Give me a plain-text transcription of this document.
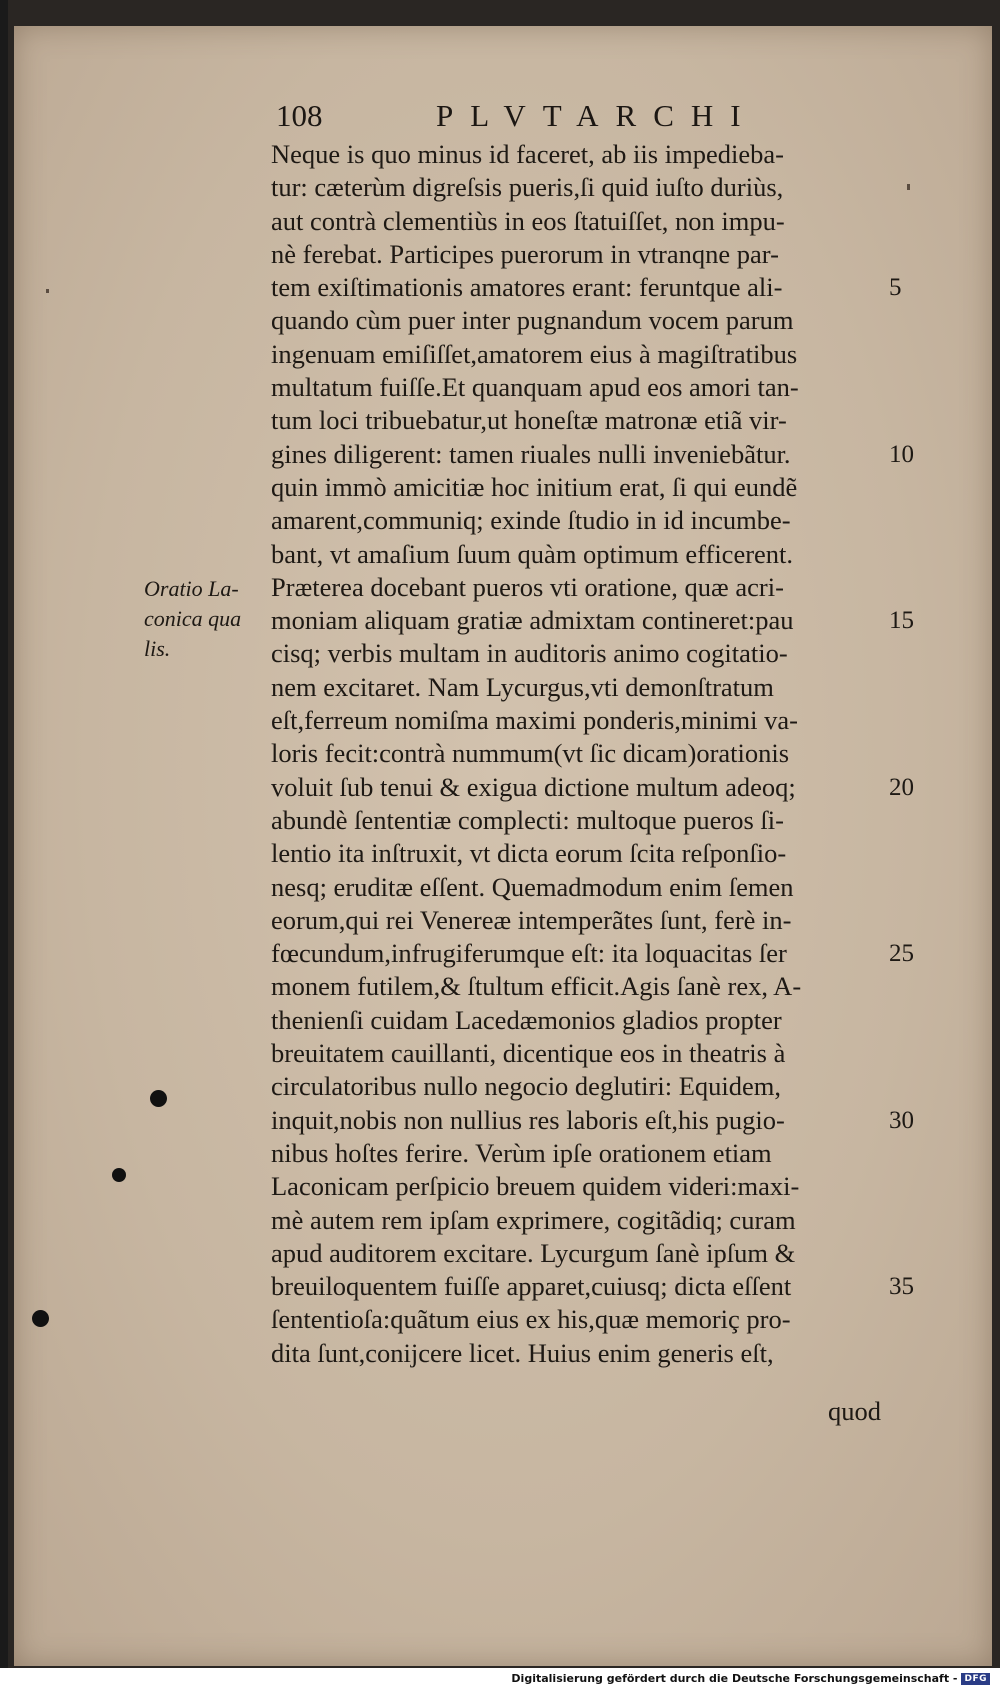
108	PLVTARCHI
Oratio La-
conica qua
lis.
Neque is quo minus id faceret, ab iis impedieba-
tur: cæterùm digreſsis pueris,ſi quid iuſto duriùs,
aut contrà clementiùs in eos ſtatuiſſet, non impu-
nè ferebat. Participes puerorum in vtranqne par-
tem exiſtimationis amatores erant: feruntque ali-	5
quando cùm puer inter pugnandum vocem parum
ingenuam emiſiſſet,amatorem eius à magiſtratibus
multatum fuiſſe.Et quanquam apud eos amori tan-
tum loci tribuebatur,ut honeſtæ matronæ etiã vir-
gines diligerent: tamen riuales nulli inveniebãtur.	10
quin immò amicitiæ hoc initium erat, ſi qui eundẽ
amarent,communiq; exinde ſtudio in id incumbe-
bant, vt amaſium ſuum quàm optimum efficerent.
Præterea docebant pueros vti oratione, quæ acri-
moniam aliquam gratiæ admixtam contineret:pau	15
cisq; verbis multam in auditoris animo cogitatio-
nem excitaret. Nam Lycurgus,vti demonſtratum
eſt,ferreum nomiſma maximi ponderis,minimi va-
loris fecit:contrà nummum(vt ſic dicam)orationis
voluit ſub tenui & exigua dictione multum adeoq;	20
abundè ſententiæ complecti: multoque pueros ſi-
lentio ita inſtruxit, vt dicta eorum ſcita reſponſio-
nesq; eruditæ eſſent. Quemadmodum enim ſemen
eorum,qui rei Venereæ intemperãtes ſunt, ferè in-
fœcundum,infrugiferumque eſt: ita loquacitas ſer	25
monem futilem,& ſtultum efficit.Agis ſanè rex, A-
thenienſi cuidam Lacedæmonios gladios propter
breuitatem cauillanti, dicentique eos in theatris à
circulatoribus nullo negocio deglutiri: Equidem,
inquit,nobis non nullius res laboris eſt,his pugio-	30
nibus hoſtes ferire. Verùm ipſe orationem etiam
Laconicam perſpicio breuem quidem videri:maxi-
mè autem rem ipſam exprimere, cogitãdiq; curam
apud auditorem excitare. Lycurgum ſanè ipſum &
breuiloquentem fuiſſe apparet,cuiusq; dicta eſſent	35
ſententioſa:quãtum eius ex his,quæ memoriç pro-
dita ſunt,conijcere licet. Huius enim generis eſt,
quod
Digitalisierung gefördert durch die Deutsche Forschungsgemeinschaft - DFG
